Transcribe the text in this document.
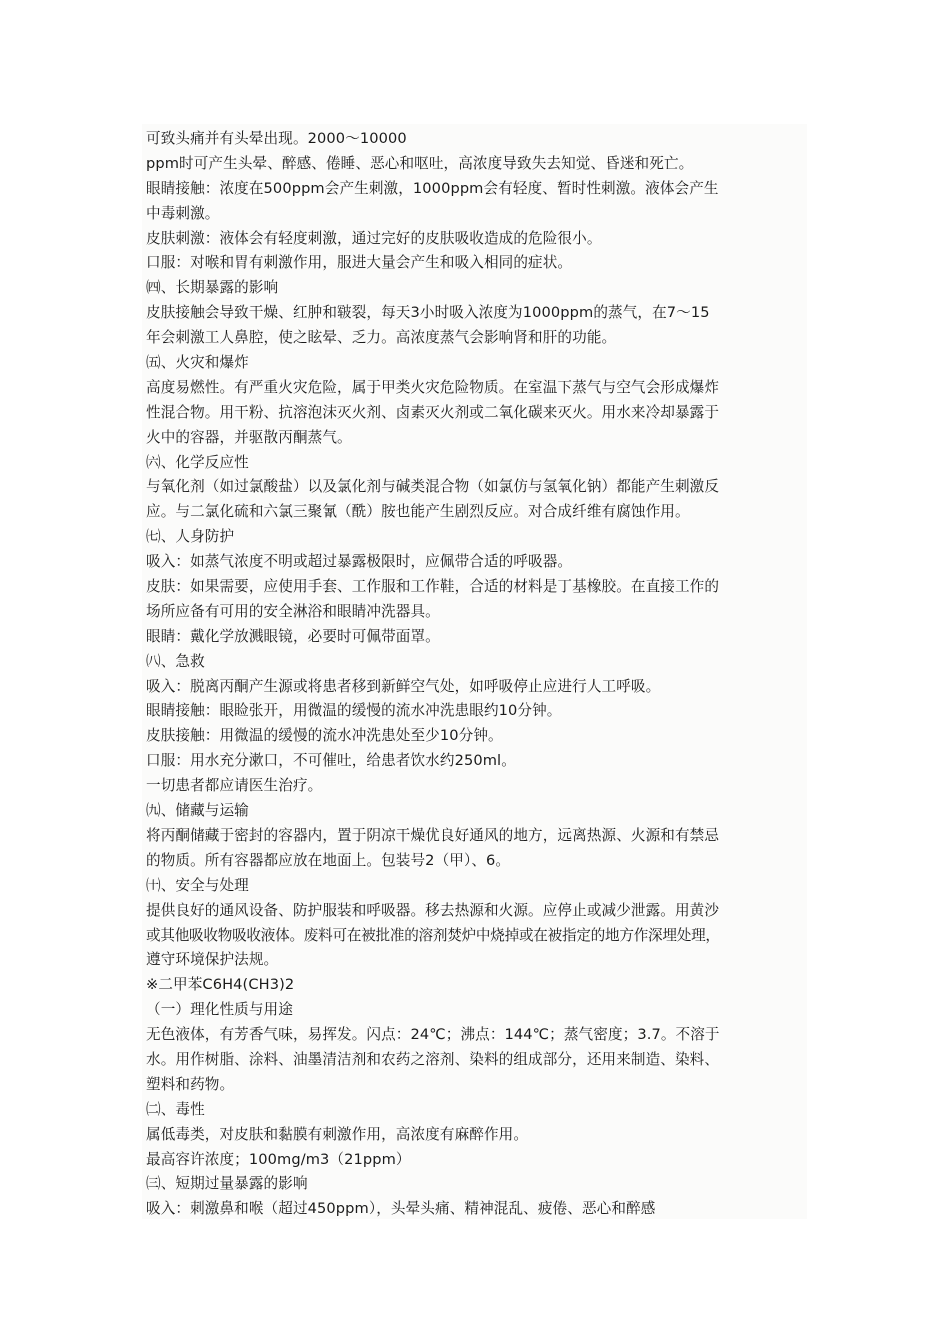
可致头痛并有头晕出现。2000～10000
ppm时可产生头晕、醉感、倦睡、恶心和呕吐，高浓度导致失去知觉、昏迷和死亡。
眼睛接触：浓度在500ppm会产生刺激，1000ppm会有轻度、暂时性刺激。液体会产生
中毒刺激。
皮肤刺激：液体会有轻度刺激，通过完好的皮肤吸收造成的危险很小。
口服：对喉和胃有刺激作用，服进大量会产生和吸入相同的症状。
㈣、长期暴露的影响
皮肤接触会导致干燥、红肿和皲裂，每天3小时吸入浓度为1000ppm的蒸气，在7～15
年会刺激工人鼻腔，使之眩晕、乏力。高浓度蒸气会影响肾和肝的功能。
㈤、火灾和爆炸
高度易燃性。有严重火灾危险，属于甲类火灾危险物质。在室温下蒸气与空气会形成爆炸
性混合物。用干粉、抗溶泡沫灭火剂、卤素灭火剂或二氧化碳来灭火。用水来冷却暴露于
火中的容器，并驱散丙酮蒸气。
㈥、化学反应性
与氧化剂（如过氯酸盐）以及氯化剂与碱类混合物（如氯仿与氢氧化钠）都能产生刺激反
应。与二氯化硫和六氯三聚氰（酰）胺也能产生剧烈反应。对合成纤维有腐蚀作用。
㈦、人身防护
吸入：如蒸气浓度不明或超过暴露极限时，应佩带合适的呼吸器。
皮肤：如果需要，应使用手套、工作服和工作鞋，合适的材料是丁基橡胶。在直接工作的
场所应备有可用的安全淋浴和眼睛冲洗器具。
眼睛：戴化学放溅眼镜，必要时可佩带面罩。
㈧、急救
吸入：脱离丙酮产生源或将患者移到新鲜空气处，如呼吸停止应进行人工呼吸。
眼睛接触：眼睑张开，用微温的缓慢的流水冲洗患眼约10分钟。
皮肤接触：用微温的缓慢的流水冲洗患处至少10分钟。
口服：用水充分漱口，不可催吐，给患者饮水约250ml。
一切患者都应请医生治疗。
㈨、储藏与运输
将丙酮储藏于密封的容器内，置于阴凉干燥优良好通风的地方，远离热源、火源和有禁忌
的物质。所有容器都应放在地面上。包装号2（甲）、6。
㈩、安全与处理
提供良好的通风设备、防护服装和呼吸器。移去热源和火源。应停止或减少泄露。用黄沙
或其他吸收物吸收液体。废料可在被批准的溶剂焚炉中烧掉或在被指定的地方作深埋处理，
遵守环境保护法规。
※二甲苯C6H4(CH3)2
（一）理化性质与用途
无色液体，有芳香气味，易挥发。闪点：24℃；沸点：144℃；蒸气密度；3.7。不溶于
水。用作树脂、涂料、油墨清洁剂和农药之溶剂、染料的组成部分，还用来制造、染料、
塑料和药物。
㈡、毒性
属低毒类，对皮肤和黏膜有刺激作用，高浓度有麻醉作用。
最高容许浓度；100mg/m3（21ppm）
㈢、短期过量暴露的影响
吸入：刺激鼻和喉（超过450ppm），头晕头痛、精神混乱、疲倦、恶心和醉感
